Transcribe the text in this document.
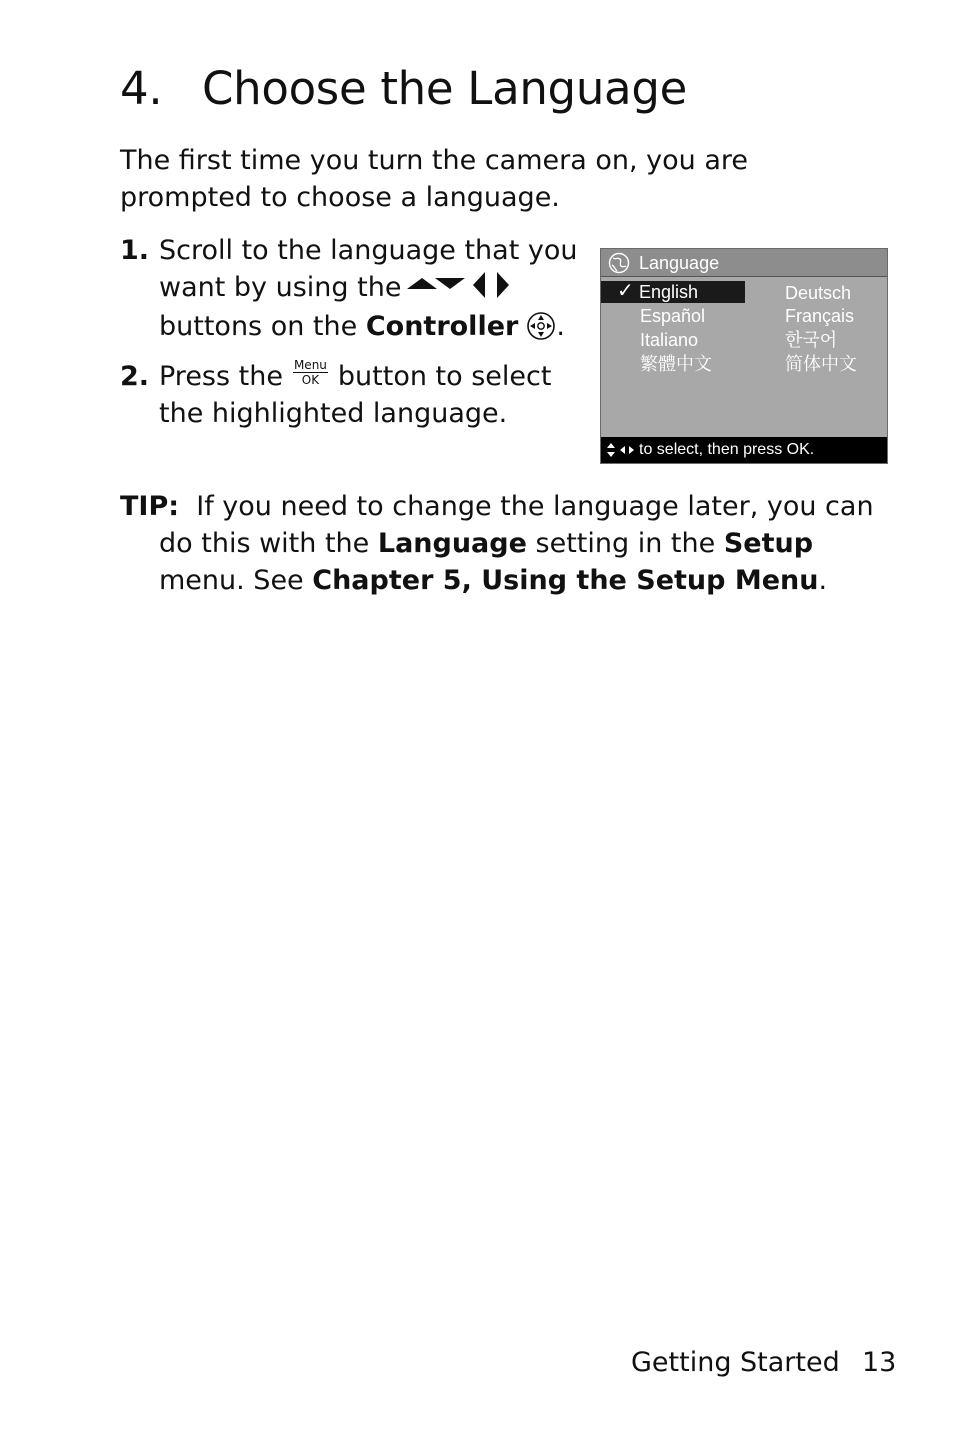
4. Choose the Language

The first time you turn the camera on, you are prompted to choose a language.

1. Scroll to the language that you want by using the buttons on the Controller .
2. Press the Menu
OK button to select the highlighted language.
Language
✓ English
Español
Italiano
繁體中文
Deutsch
Français
한국어
简体中文
to select, then press OK.
TIP: If you need to change the language later, you can do this with the Language setting in the Setup menu. See Chapter 5, Using the Setup Menu.
Getting Started 13
